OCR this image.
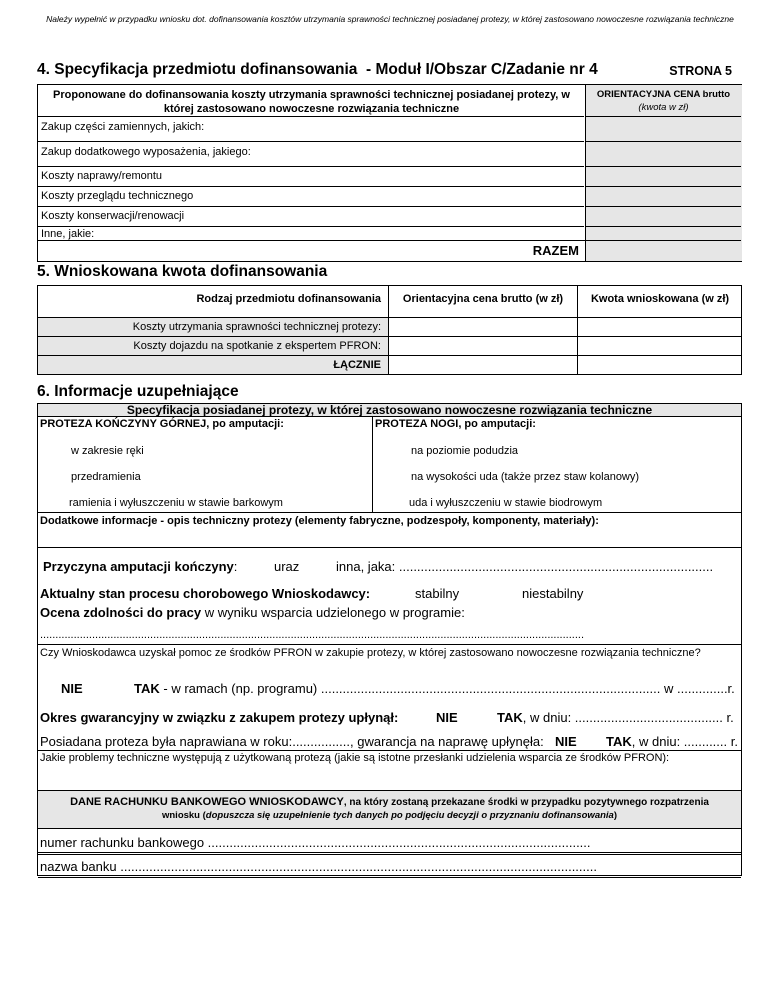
Należy wypełnić w przypadku wniosku dot. dofinansowania kosztów utrzymania sprawności technicznej posiadanej protezy, w której zastosowano nowoczesne rozwiązania techniczne
4. Specyfikacja przedmiotu dofinansowania - Moduł I/Obszar C/Zadanie nr 4	STRONA 5
Proponowane do dofinansowania koszty utrzymania sprawności technicznej posiadanej protezy, w której zastosowano nowoczesne rozwiązania techniczne
ORIENTACYJNA CENA brutto
(kwota w zł)
Zakup części zamiennych, jakich:
Zakup dodatkowego wyposażenia, jakiego:
Koszty naprawy/remontu
Koszty przeglądu technicznego
Koszty konserwacji/renowacji
Inne, jakie:
RAZEM
5. Wnioskowana kwota dofinansowania
Rodzaj przedmiotu dofinansowania	Orientacyjna cena brutto (w zł)	Kwota wnioskowana (w zł)
Koszty utrzymania sprawności technicznej protezy:
Koszty dojazdu na spotkanie z ekspertem PFRON:
ŁĄCZNIE
6. Informacje uzupełniające
Specyfikacja posiadanej protezy, w której zastosowano nowoczesne rozwiązania techniczne
PROTEZA KOŃCZYNY GÓRNEJ, po amputacji:	PROTEZA NOGI, po amputacji:
w zakresie ręki
przedramienia
ramienia i wyłuszczeniu w stawie barkowym
na poziomie podudzia
na wysokości uda (także przez staw kolanowy)
uda i wyłuszczeniu w stawie biodrowym
Dodatkowe informacje - opis techniczny protezy (elementy fabryczne, podzespoły, komponenty, materiały):
Przyczyna amputacji kończyny:	uraz	inna, jaka: .......................................................................................
Aktualny stan procesu chorobowego Wnioskodawcy:	stabilny	niestabilny
Ocena zdolności do pracy w wyniku wsparcia udzielonego w programie:
..................................................................................................................................................................................
Czy Wnioskodawca uzyskał pomoc ze środków PFRON w zakupie protezy, w której zastosowano nowoczesne rozwiązania techniczne?
NIE	TAK - w ramach (np. programu) .............................................................................................. w ..............r.
Okres gwarancyjny w związku z zakupem protezy upłynął:	NIE	TAK, w dniu: ......................................... r.
Posiadana proteza była naprawiana w roku:................, gwarancja na naprawę upłynęła: NIE TAK, w dniu: ............ r.
Jakie problemy techniczne występują z użytkowaną protezą (jakie są istotne przesłanki udzielenia wsparcia ze środków PFRON):
DANE RACHUNKU BANKOWEGO WNIOSKODAWCY, na który zostaną przekazane środki w przypadku pozytywnego rozpatrzenia
wniosku (dopuszcza się uzupełnienie tych danych po podjęciu decyzji o przyznaniu dofinansowania)
numer rachunku bankowego ..........................................................................................................
nazwa banku ....................................................................................................................................
